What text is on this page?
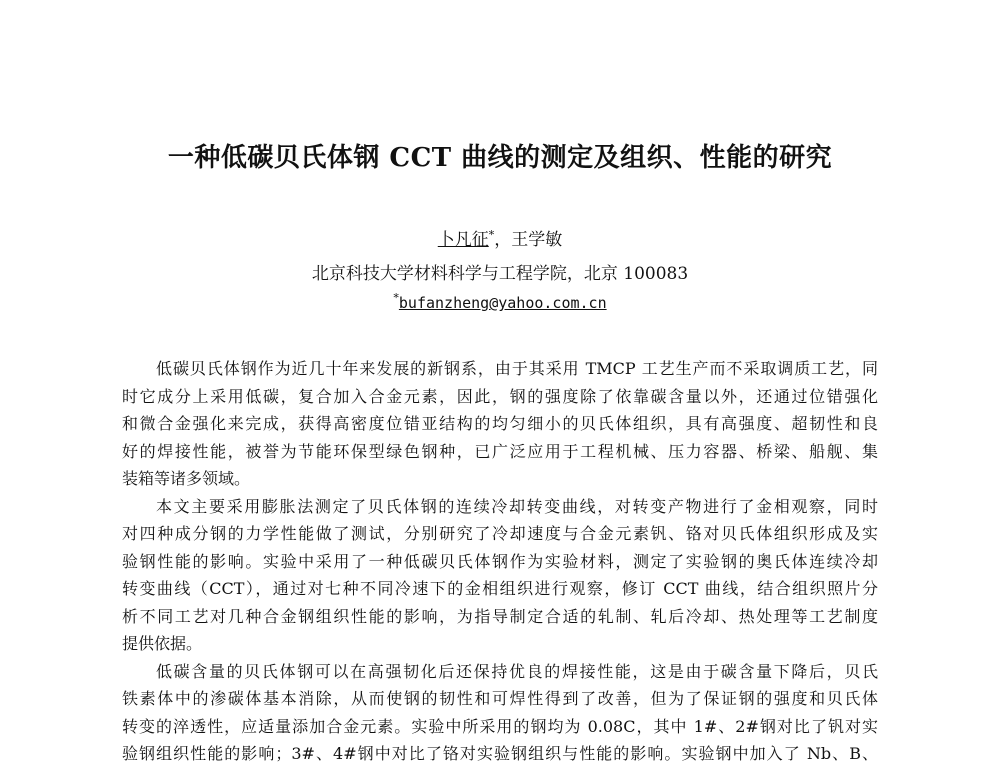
一种低碳贝氏体钢 CCT 曲线的测定及组织、性能的研究
卜凡征*，王学敏
北京科技大学材料科学与工程学院，北京 100083
*bufanzheng@yahoo.com.cn
低碳贝氏体钢作为近几十年来发展的新钢系，由于其采用 TMCP 工艺生产而不采取调质工艺，同
时它成分上采用低碳，复合加入合金元素，因此，钢的强度除了依靠碳含量以外，还通过位错强化
和微合金强化来完成，获得高密度位错亚结构的均匀细小的贝氏体组织，具有高强度、超韧性和良
好的焊接性能，被誉为节能环保型绿色钢种，已广泛应用于工程机械、压力容器、桥梁、船舰、集
装箱等诸多领域。
本文主要采用膨胀法测定了贝氏体钢的连续冷却转变曲线，对转变产物进行了金相观察，同时
对四种成分钢的力学性能做了测试，分别研究了冷却速度与合金元素钒、铬对贝氏体组织形成及实
验钢性能的影响。实验中采用了一种低碳贝氏体钢作为实验材料，测定了实验钢的奥氏体连续冷却
转变曲线（CCT），通过对七种不同冷速下的金相组织进行观察，修订 CCT 曲线，结合组织照片分
析不同工艺对几种合金钢组织性能的影响，为指导制定合适的轧制、轧后冷却、热处理等工艺制度
提供依据。
低碳含量的贝氏体钢可以在高强韧化后还保持优良的焊接性能，这是由于碳含量下降后，贝氏
铁素体中的渗碳体基本消除，从而使钢的韧性和可焊性得到了改善，但为了保证钢的强度和贝氏体
转变的淬透性，应适量添加合金元素。实验中所采用的钢均为 0.08C，其中 1#、2#钢对比了钒对实
验钢组织性能的影响；3#、4#钢中对比了铬对实验钢组织与性能的影响。实验钢中加入了 Nb、B、
